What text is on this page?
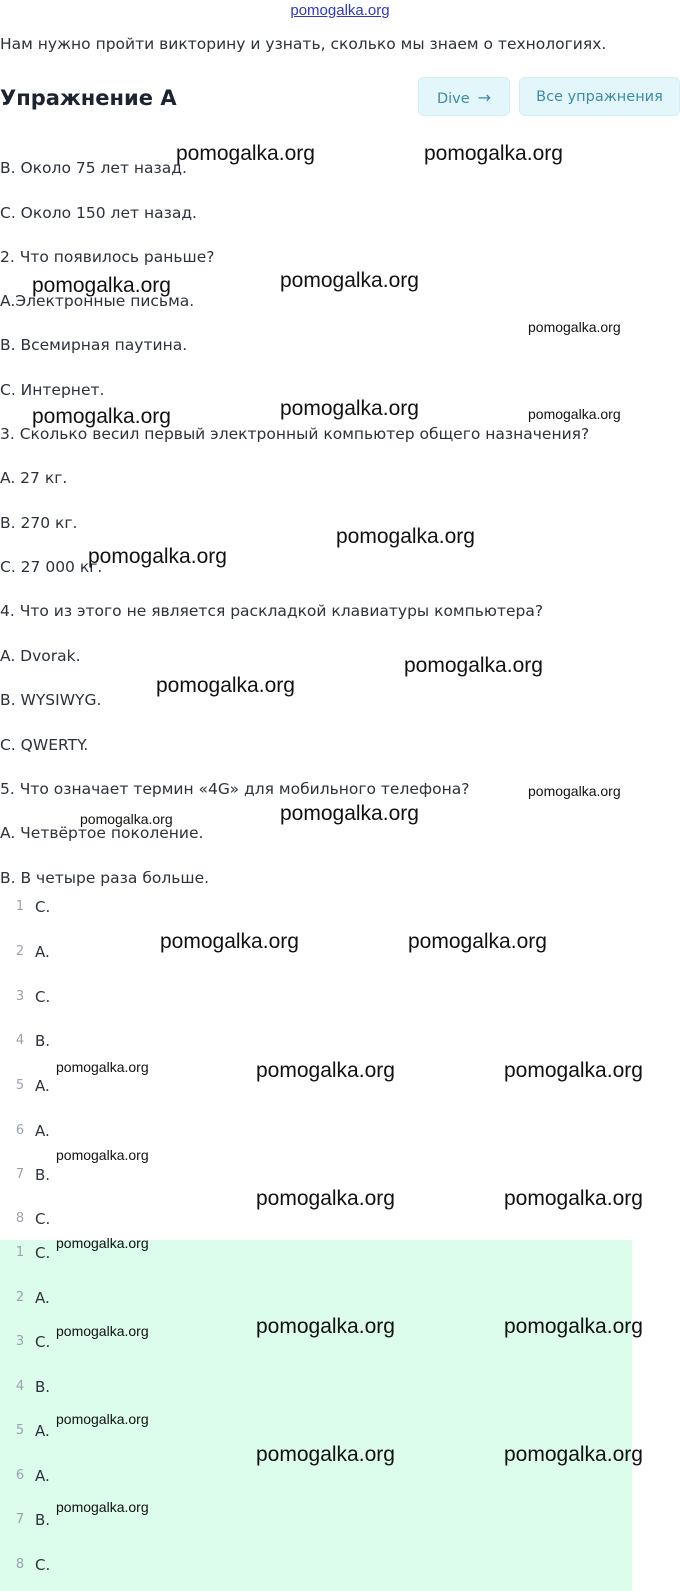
pomogalka.org
Нам нужно пройти викторину и узнать, сколько мы знаем о технологиях.
Упражнение А	Dive →	Все упражнения
B. Около 75 лет назад.
C. Около 150 лет назад.
2. Что появилось раньше?
A.Электронные письма.
B. Всемирная паутина.
C. Интернет.
3. Сколько весил первый электронный компьютер общего назначения?
A. 27 кг.
B. 270 кг.
C. 27 000 кг.
4. Что из этого не является раскладкой клавиатуры компьютера?
A. Dvorak.
B. WYSIWYG.
C. QWERTY.
5. Что означает термин «4G» для мобильного телефона?
A. Четвёртое поколение.
B. В четыре раза больше.
1 C.
2 A.
3 C.
4 B.
5 A.
6 A.
7 B.
8 C.
1 C.
2 A.
3 C.
4 B.
5 A.
6 A.
7 B.
8 C.
pomogalka.org	pomogalka.org
pomogalka.org	pomogalka.org
pomogalka.org
pomogalka.org	pomogalka.org	pomogalka.org
pomogalka.org
pomogalka.org
pomogalka.org
pomogalka.org
pomogalka.org
pomogalka.org	pomogalka.org
pomogalka.org	pomogalka.org
pomogalka.org	pomogalka.org	pomogalka.org
pomogalka.org
pomogalka.org	pomogalka.org
pomogalka.org
pomogalka.org	pomogalka.org	pomogalka.org
pomogalka.org
pomogalka.org	pomogalka.org
pomogalka.org
